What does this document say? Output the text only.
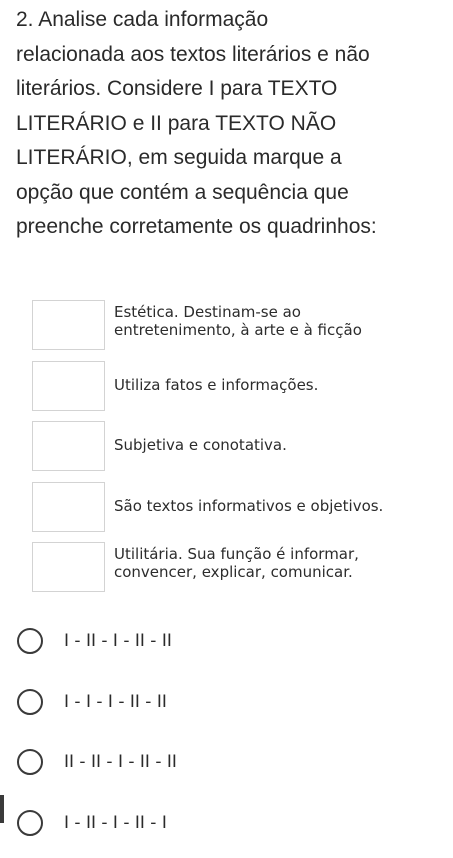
2. Analise cada informação
relacionada aos textos literários e não
literários. Considere I para TEXTO
LITERÁRIO e II para TEXTO NÃO
LITERÁRIO, em seguida marque a
opção que contém a sequência que
preenche corretamente os quadrinhos:
Estética. Destinam-se ao
entretenimento, à arte e à ficção
Utiliza fatos e informações.
Subjetiva e conotativa.
São textos informativos e objetivos.
Utilitária. Sua função é informar,
convencer, explicar, comunicar.
I - II - I - II - II
I - I - I - II - II
II - II - I - II - II
I - II - I - II - I
